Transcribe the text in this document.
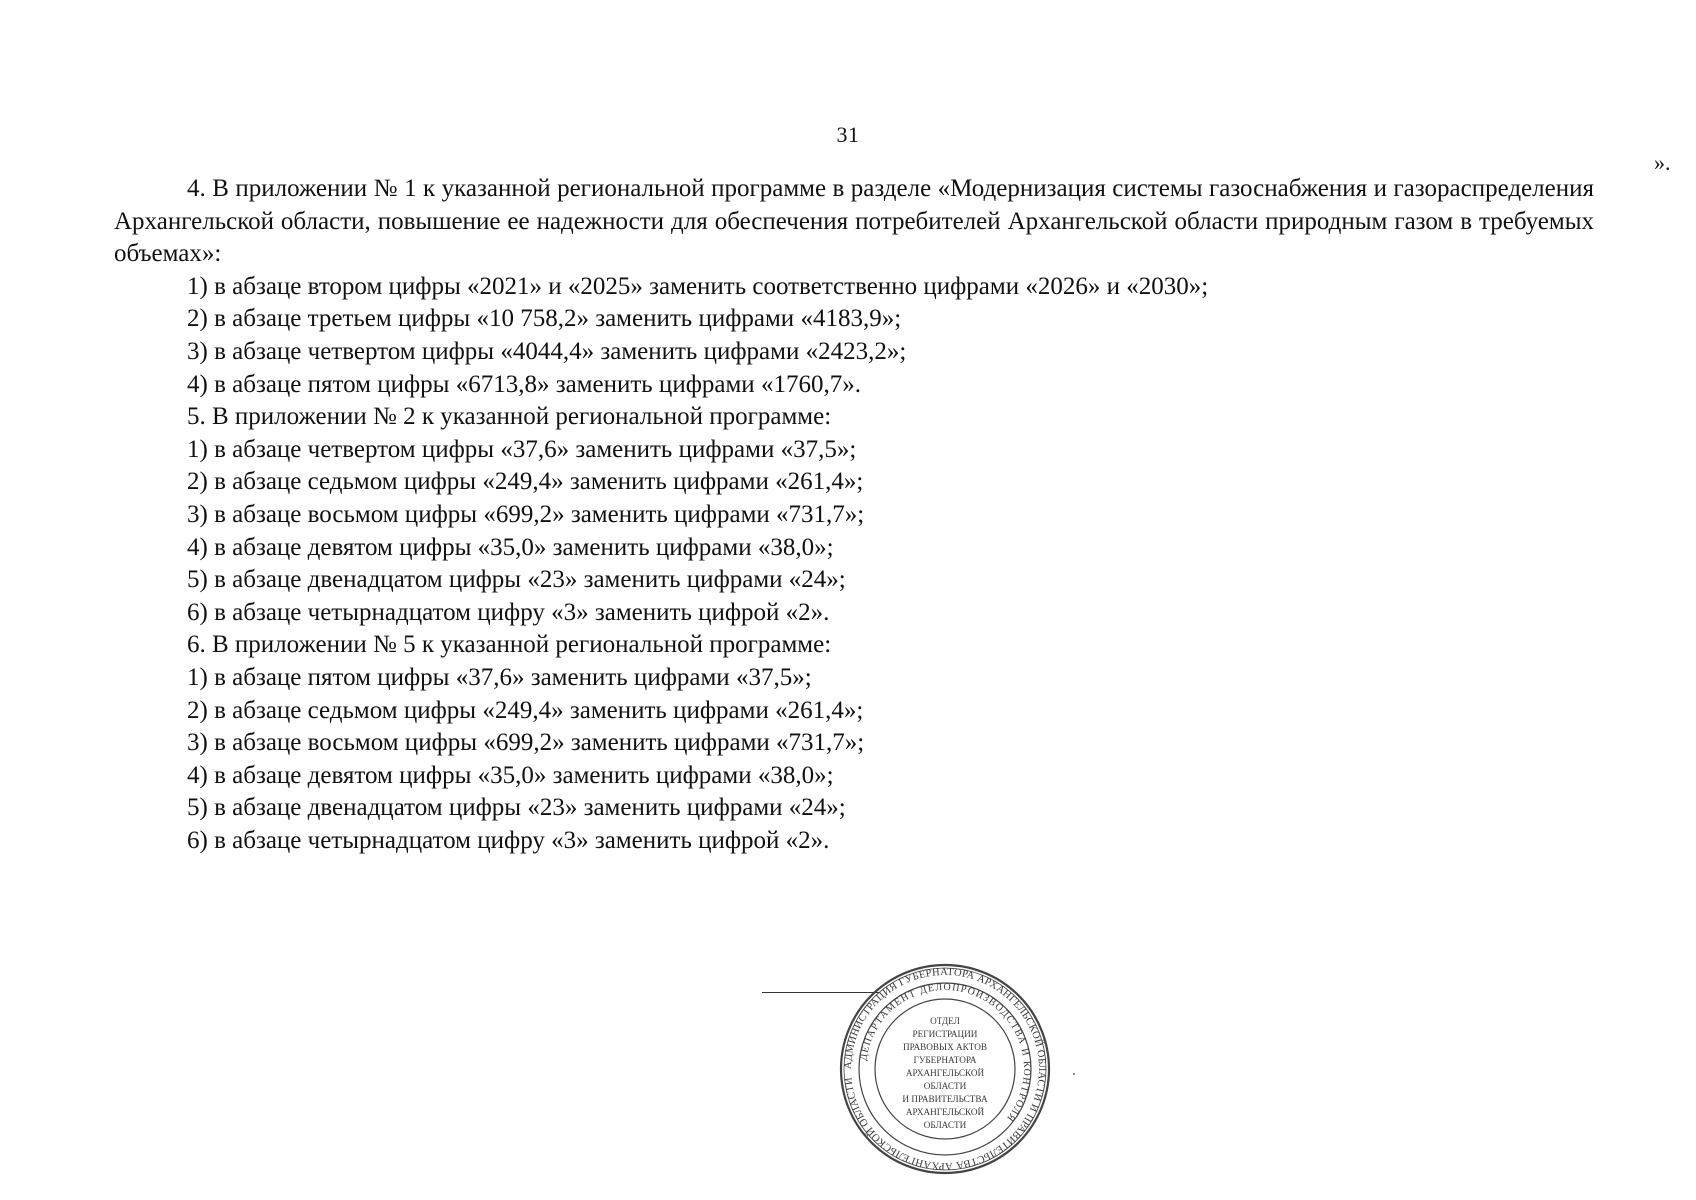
31
».

4. В приложении № 1 к указанной региональной программе в разделе «Модернизация системы газоснабжения и газораспределения Архангельской области, повышение ее надежности для обеспечения потребителей Архангельской области природным газом в требуемых объемах»:

1) в абзаце втором цифры «2021» и «2025» заменить соответственно цифрами «2026» и «2030»;

2) в абзаце третьем цифры «10 758,2» заменить цифрами «4183,9»;

3) в абзаце четвертом цифры «4044,4» заменить цифрами «2423,2»;

4) в абзаце пятом цифры «6713,8» заменить цифрами «1760,7».

5. В приложении № 2 к указанной региональной программе:

1) в абзаце четвертом цифры «37,6» заменить цифрами «37,5»;

2) в абзаце седьмом цифры «249,4» заменить цифрами «261,4»;

3) в абзаце восьмом цифры «699,2» заменить цифрами «731,7»;

4) в абзаце девятом цифры «35,0» заменить цифрами «38,0»;

5) в абзаце двенадцатом цифры «23» заменить цифрами «24»;

6) в абзаце четырнадцатом цифру «3» заменить цифрой «2».

6. В приложении № 5 к указанной региональной программе:

1) в абзаце пятом цифры «37,6» заменить цифрами «37,5»;

2) в абзаце седьмом цифры «249,4» заменить цифрами «261,4»;

3) в абзаце восьмом цифры «699,2» заменить цифрами «731,7»;

4) в абзаце девятом цифры «35,0» заменить цифрами «38,0»;

5) в абзаце двенадцатом цифры «23» заменить цифрами «24»;

6) в абзаце четырнадцатом цифру «3» заменить цифрой «2».

АДМИНИСТРАЦИЯ ГУБЕРНАТОРА АРХАНГЕЛЬСКОЙ ОБЛАСТИ И ПРАВИТЕЛЬСТВА АРХАНГЕЛЬСКОЙ ОБЛАСТИ
ДЕПАРТАМЕНТ ДЕЛОПРОИЗВОДСТВА И КОНТРОЛЯ
ОТДЕЛ
РЕГИСТРАЦИИ
ПРАВОВЫХ АКТОВ
ГУБЕРНАТОРА
АРХАНГЕЛЬСКОЙ
ОБЛАСТИ
И ПРАВИТЕЛЬСТВА
АРХАНГЕЛЬСКОЙ
ОБЛАСТИ
